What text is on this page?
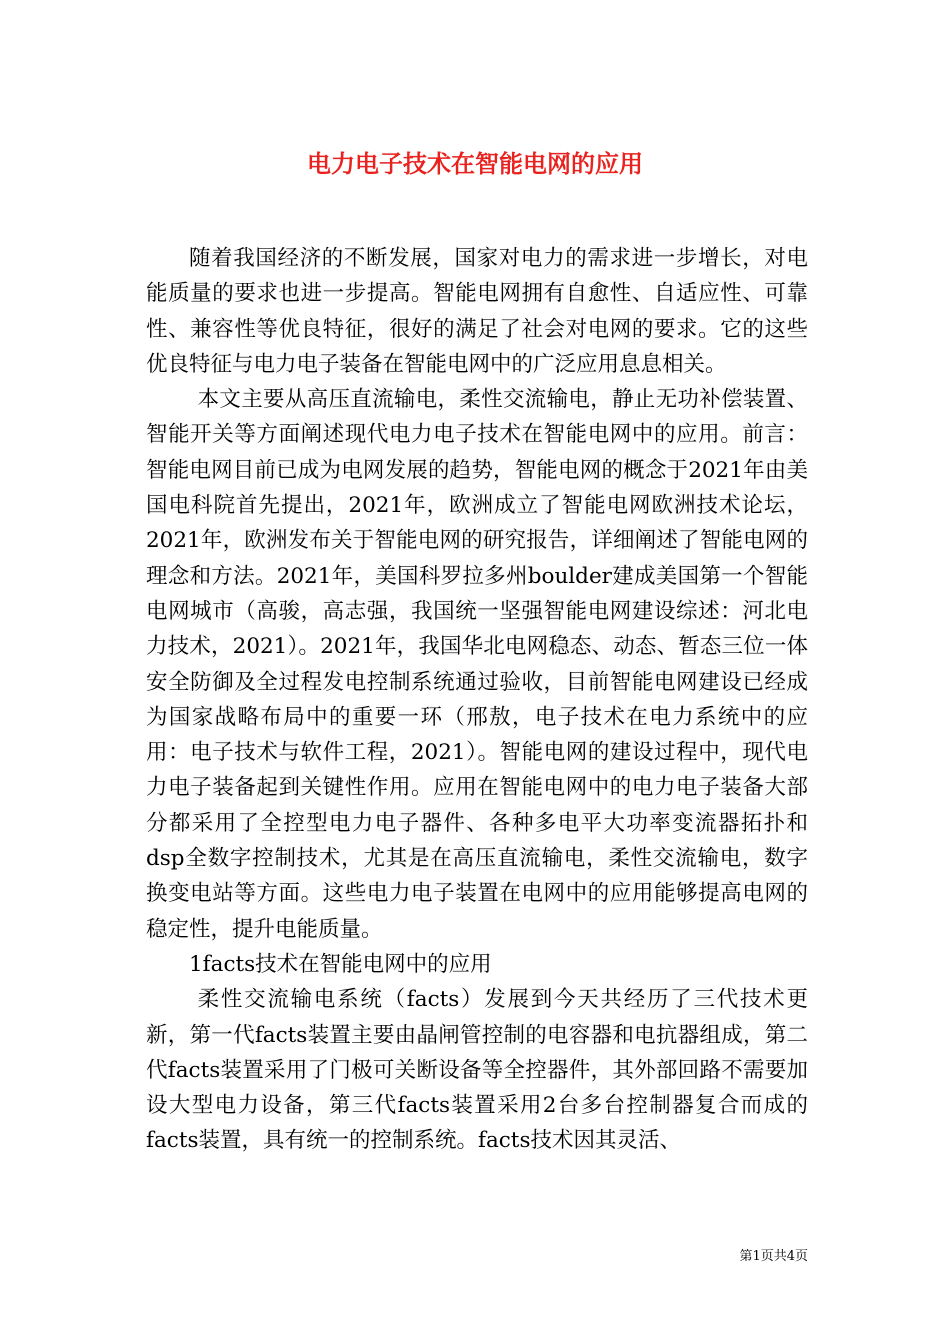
电力电子技术在智能电网的应用

随着我国经济的不断发展，国家对电力的需求进一步增长，对电能质量的要求也进一步提高。智能电网拥有自愈性、自适应性、可靠性、兼容性等优良特征，很好的满足了社会对电网的要求。它的这些优良特征与电力电子装备在智能电网中的广泛应用息息相关。

本文主要从高压直流输电，柔性交流输电，静止无功补偿装置、智能开关等方面阐述现代电力电子技术在智能电网中的应用。前言：智能电网目前已成为电网发展的趋势，智能电网的概念于2021年由美国电科院首先提出，2021年，欧洲成立了智能电网欧洲技术论坛，2021年，欧洲发布关于智能电网的研究报告，详细阐述了智能电网的理念和方法。2021年，美国科罗拉多州boulder建成美国第一个智能电网城市（高骏，高志强，我国统一坚强智能电网建设综述：河北电力技术，2021）。2021年，我国华北电网稳态、动态、暂态三位一体安全防御及全过程发电控制系统通过验收，目前智能电网建设已经成为国家战略布局中的重要一环（邢敖，电子技术在电力系统中的应用：电子技术与软件工程，2021）。智能电网的建设过程中，现代电力电子装备起到关键性作用。应用在智能电网中的电力电子装备大部分都采用了全控型电力电子器件、各种多电平大功率变流器拓扑和dsp全数字控制技术，尤其是在高压直流输电，柔性交流输电，数字换变电站等方面。这些电力电子装置在电网中的应用能够提高电网的稳定性，提升电能质量。

1facts技术在智能电网中的应用

柔性交流输电系统（facts）发展到今天共经历了三代技术更新，第一代facts装置主要由晶闸管控制的电容器和电抗器组成，第二代facts装置采用了门极可关断设备等全控器件，其外部回路不需要加设大型电力设备，第三代facts装置采用2台多台控制器复合而成的facts装置，具有统一的控制系统。facts技术因其灵活、

第1页共4页
